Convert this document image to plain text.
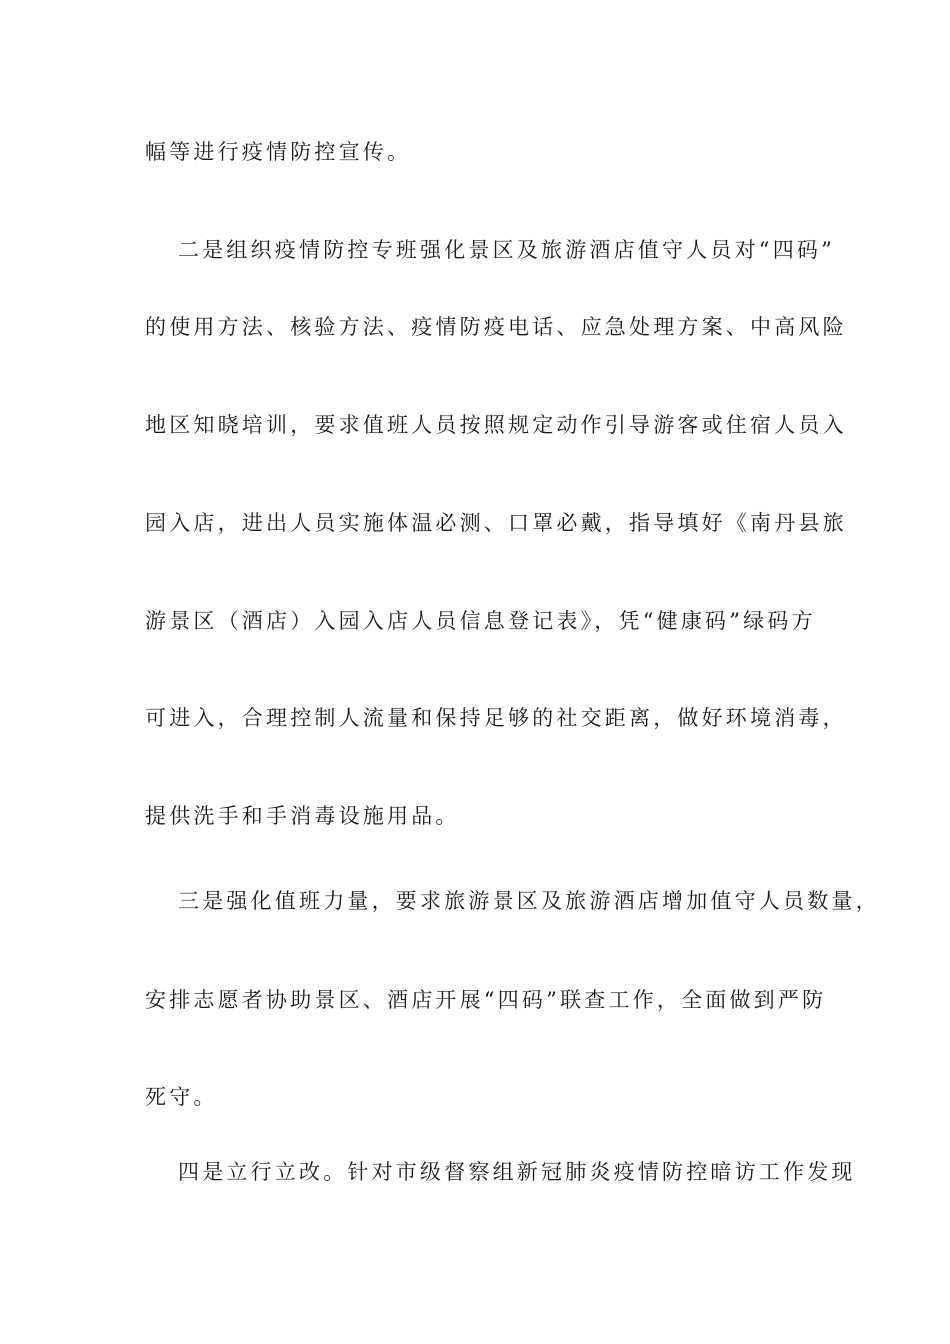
幅等进行疫情防控宣传。
二是组织疫情防控专班强化景区及旅游酒店值守人员对“四码”
的使用方法、核验方法、疫情防疫电话、应急处理方案、中高风险
地区知晓培训，要求值班人员按照规定动作引导游客或住宿人员入
园入店，进出人员实施体温必测、口罩必戴，指导填好《南丹县旅
游景区（酒店）入园入店人员信息登记表》，凭“健康码”绿码方
可进入，合理控制人流量和保持足够的社交距离，做好环境消毒，
提供洗手和手消毒设施用品。
三是强化值班力量，要求旅游景区及旅游酒店增加值守人员数量，
安排志愿者协助景区、酒店开展“四码”联查工作，全面做到严防
死守。
四是立行立改。针对市级督察组新冠肺炎疫情防控暗访工作发现
